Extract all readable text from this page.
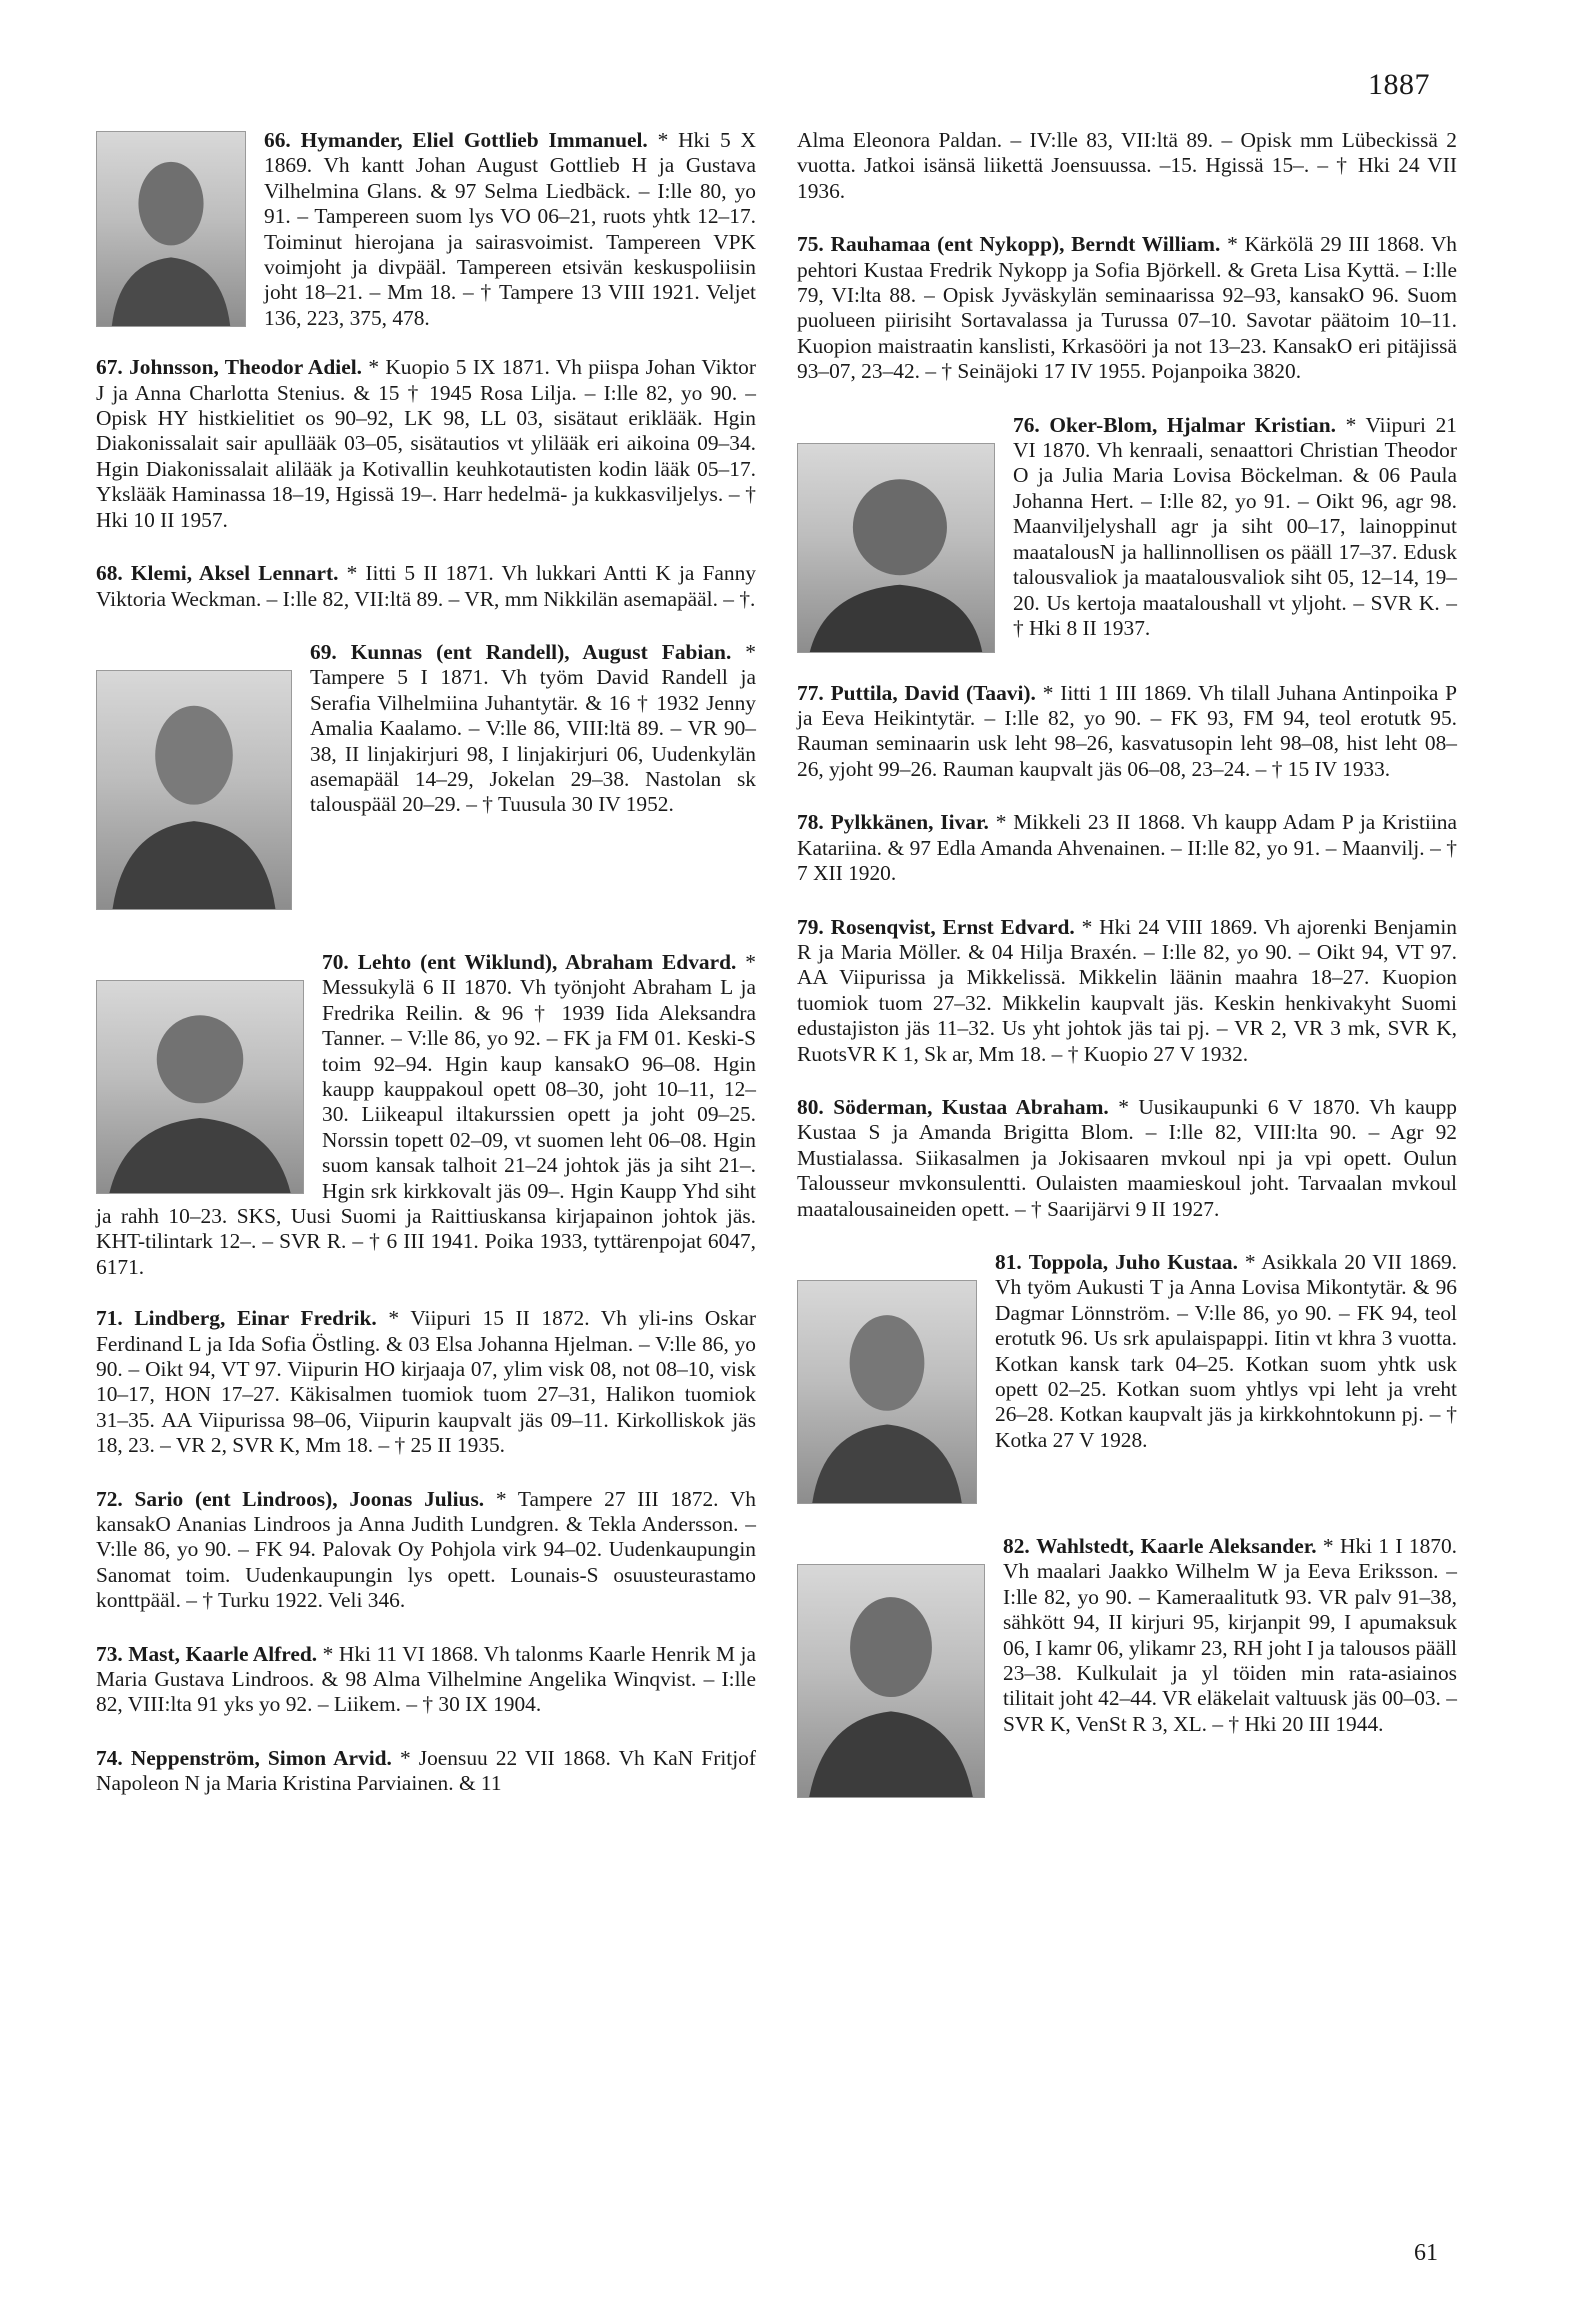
1887

66. Hymander, Eliel Gottlieb Immanuel. * Hki 5 X 1869. Vh kantt Johan August Gottlieb H ja Gustava Vilhelmina Glans. & 97 Selma Liedbäck. – I:lle 80, yo 91. – Tampereen suom lys VO 06–21, ruots yhtk 12–17. Toiminut hierojana ja sairasvoimist. Tampereen VPK voimjoht ja divpääl. Tampereen etsivän keskuspoliisin joht 18–21. – Mm 18. – † Tampere 13 VIII 1921. Veljet 136, 223, 375, 478.

67. Johnsson, Theodor Adiel. * Kuopio 5 IX 1871. Vh piispa Johan Viktor J ja Anna Charlotta Stenius. & 15 † 1945 Rosa Lilja. – I:lle 82, yo 90. – Opisk HY histkielitiet os 90–92, LK 98, LL 03, sisätaut eriklääk. Hgin Diakonissalait sair apullääk 03–05, sisätautios vt ylilääk eri aikoina 09–34. Hgin Diakonissalait alilääk ja Kotivallin keuhkotautisten kodin lääk 05–17. Ykslääk Haminassa 18–19, Hgissä 19–. Harr hedelmä- ja kukkasviljelys. – † Hki 10 II 1957.

68. Klemi, Aksel Lennart. * Iitti 5 II 1871. Vh lukkari Antti K ja Fanny Viktoria Weckman. – I:lle 82, VII:ltä 89. – VR, mm Nikkilän asemapääl. – †.

69. Kunnas (ent Randell), August Fabian. * Tampere 5 I 1871. Vh työm David Randell ja Serafia Vilhelmiina Juhantytär. & 16 † 1932 Jenny Amalia Kaalamo. – V:lle 86, VIII:ltä 89. – VR 90–38, II linjakirjuri 98, I linjakirjuri 06, Uudenkylän asemapääl 14–29, Jokelan 29–38. Nastolan sk talouspääl 20–29. – † Tuusula 30 IV 1952.

70. Lehto (ent Wiklund), Abraham Edvard. * Messukylä 6 II 1870. Vh työnjoht Abraham L ja Fredrika Reilin. & 96 † 1939 Iida Aleksandra Tanner. – V:lle 86, yo 92. – FK ja FM 01. Keski-S toim 92–94. Hgin kaup kansakO 96–08. Hgin kaupp kauppakoul opett 08–30, joht 10–11, 12–30. Liikeapul iltakurssien opett ja joht 09–25. Norssin topett 02–09, vt suomen leht 06–08. Hgin suom kansak talhoit 21–24 johtok jäs ja siht 21–. Hgin srk kirkkovalt jäs 09–. Hgin Kaupp Yhd siht ja rahh 10–23. SKS, Uusi Suomi ja Raittiuskansa kirjapainon johtok jäs. KHT-tilintark 12–. – SVR R. – † 6 III 1941. Poika 1933, tyttärenpojat 6047, 6171.

71. Lindberg, Einar Fredrik. * Viipuri 15 II 1872. Vh yli-ins Oskar Ferdinand L ja Ida Sofia Östling. & 03 Elsa Johanna Hjelman. – V:lle 86, yo 90. – Oikt 94, VT 97. Viipurin HO kirjaaja 07, ylim visk 08, not 08–10, visk 10–17, HON 17–27. Käkisalmen tuomiok tuom 27–31, Halikon tuomiok 31–35. AA Viipurissa 98–06, Viipurin kaupvalt jäs 09–11. Kirkolliskok jäs 18, 23. – VR 2, SVR K, Mm 18. – † 25 II 1935.

72. Sario (ent Lindroos), Joonas Julius. * Tampere 27 III 1872. Vh kansakO Ananias Lindroos ja Anna Judith Lundgren. & Tekla Andersson. – V:lle 86, yo 90. – FK 94. Palovak Oy Pohjola virk 94–02. Uudenkaupungin Sanomat toim. Uudenkaupungin lys opett. Lounais-S osuusteurastamo konttpääl. – † Turku 1922. Veli 346.

73. Mast, Kaarle Alfred. * Hki 11 VI 1868. Vh talonms Kaarle Henrik M ja Maria Gustava Lindroos. & 98 Alma Vilhelmine Angelika Winqvist. – I:lle 82, VIII:lta 91 yks yo 92. – Liikem. – † 30 IX 1904.

74. Neppenström, Simon Arvid. * Joensuu 22 VII 1868. Vh KaN Fritjof Napoleon N ja Maria Kristina Parviainen. & 11

Alma Eleonora Paldan. – IV:lle 83, VII:ltä 89. – Opisk mm Lübeckissä 2 vuotta. Jatkoi isänsä liikettä Joensuussa. –15. Hgissä 15–. – † Hki 24 VII 1936.

75. Rauhamaa (ent Nykopp), Berndt William. * Kärkölä 29 III 1868. Vh pehtori Kustaa Fredrik Nykopp ja Sofia Björkell. & Greta Lisa Kyttä. – I:lle 79, VI:lta 88. – Opisk Jyväskylän seminaarissa 92–93, kansakO 96. Suom puolueen piirisiht Sortavalassa ja Turussa 07–10. Savotar päätoim 10–11. Kuopion maistraatin kanslisti, Krkasööri ja not 13–23. KansakO eri pitäjissä 93–07, 23–42. – † Seinäjoki 17 IV 1955. Pojanpoika 3820.

76. Oker-Blom, Hjalmar Kristian. * Viipuri 21 VI 1870. Vh kenraali, senaattori Christian Theodor O ja Julia Maria Lovisa Böckelman. & 06 Paula Johanna Hert. – I:lle 82, yo 91. – Oikt 96, agr 98. Maanviljelyshall agr ja siht 00–17, lainoppinut maatalousN ja hallinnollisen os pääll 17–37. Edusk talousvaliok ja maatalousvaliok siht 05, 12–14, 19–20. Us kertoja maataloushall vt yljoht. – SVR K. – † Hki 8 II 1937.

77. Puttila, David (Taavi). * Iitti 1 III 1869. Vh tilall Juhana Antinpoika P ja Eeva Heikintytär. – I:lle 82, yo 90. – FK 93, FM 94, teol erotutk 95. Rauman seminaarin usk leht 98–26, kasvatusopin leht 98–08, hist leht 08–26, yjoht 99–26. Rauman kaupvalt jäs 06–08, 23–24. – † 15 IV 1933.

78. Pylkkänen, Iivar. * Mikkeli 23 II 1868. Vh kaupp Adam P ja Kristiina Katariina. & 97 Edla Amanda Ahvenainen. – II:lle 82, yo 91. – Maanvilj. – † 7 XII 1920.

79. Rosenqvist, Ernst Edvard. * Hki 24 VIII 1869. Vh ajorenki Benjamin R ja Maria Möller. & 04 Hilja Braxén. – I:lle 82, yo 90. – Oikt 94, VT 97. AA Viipurissa ja Mikkelissä. Mikkelin läänin maahra 18–27. Kuopion tuomiok tuom 27–32. Mikkelin kaupvalt jäs. Keskin henkivakyht Suomi edustajiston jäs 11–32. Us yht johtok jäs tai pj. – VR 2, VR 3 mk, SVR K, RuotsVR K 1, Sk ar, Mm 18. – † Kuopio 27 V 1932.

80. Söderman, Kustaa Abraham. * Uusikaupunki 6 V 1870. Vh kaupp Kustaa S ja Amanda Brigitta Blom. – I:lle 82, VIII:lta 90. – Agr 92 Mustialassa. Siikasalmen ja Jokisaaren mvkoul npi ja vpi opett. Oulun Talousseur mvkonsulentti. Oulaisten maamieskoul joht. Tarvaalan mvkoul maatalousaineiden opett. – † Saarijärvi 9 II 1927.

81. Toppola, Juho Kustaa. * Asikkala 20 VII 1869. Vh työm Aukusti T ja Anna Lovisa Mikontytär. & 96 Dagmar Lönnström. – V:lle 86, yo 90. – FK 94, teol erotutk 96. Us srk apulaispappi. Iitin vt khra 3 vuotta. Kotkan kansk tark 04–25. Kotkan suom yhtk usk opett 02–25. Kotkan suom yhtlys vpi leht ja vreht 26–28. Kotkan kaupvalt jäs ja kirkkohntokunn pj. – † Kotka 27 V 1928.

82. Wahlstedt, Kaarle Aleksander. * Hki 1 I 1870. Vh maalari Jaakko Wilhelm W ja Eeva Eriksson. – I:lle 82, yo 90. – Kameraalitutk 93. VR palv 91–38, sähkött 94, II kirjuri 95, kirjanpit 99, I apumaksuk 06, I kamr 06, ylikamr 23, RH joht I ja talousos pääll 23–38. Kulkulait ja yl töiden min rata-asiainos tilitait joht 42–44. VR eläkelait valtuusk jäs 00–03. – SVR K, VenSt R 3, XL. – † Hki 20 III 1944.

61
